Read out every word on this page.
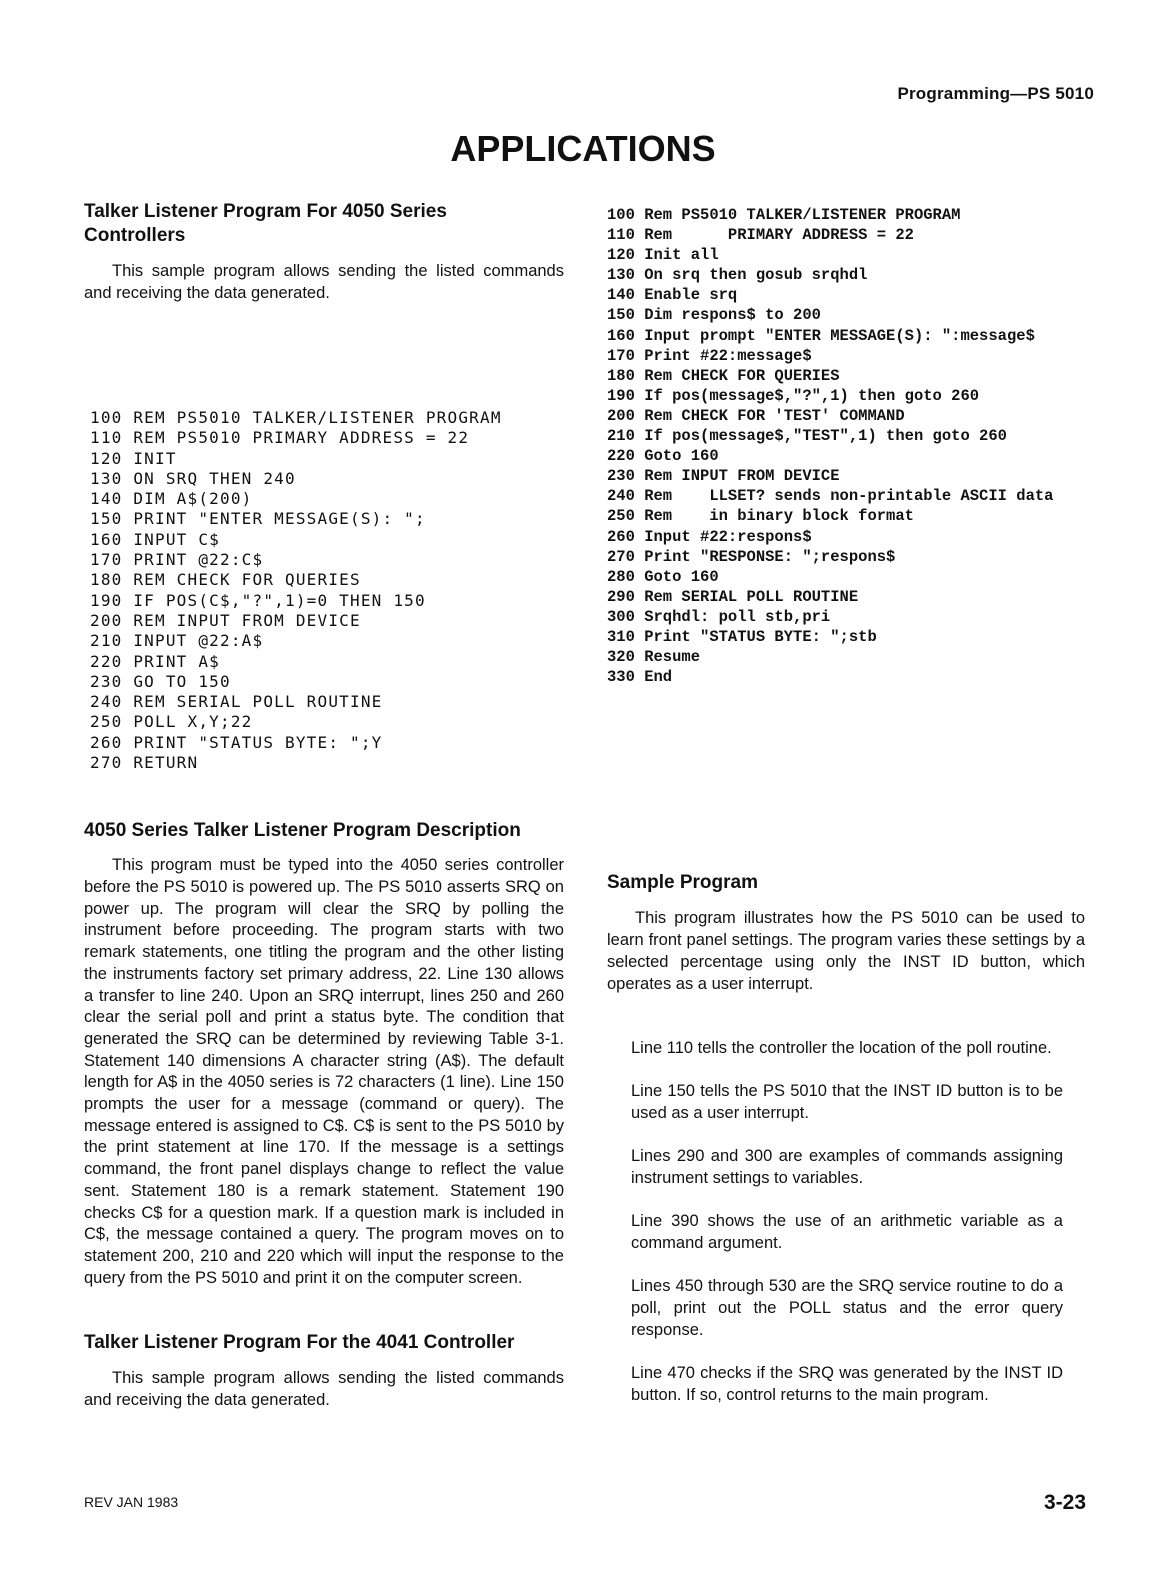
Programming—PS 5010
APPLICATIONS
Talker Listener Program For 4050 Series Controllers

This sample program allows sending the listed commands and receiving the data generated.

100 REM PS5010 TALKER/LISTENER PROGRAM
110 REM PS5010 PRIMARY ADDRESS = 22
120 INIT
130 ON SRQ THEN 240
140 DIM A$(200)
150 PRINT "ENTER MESSAGE(S): ";
160 INPUT C$
170 PRINT @22:C$
180 REM CHECK FOR QUERIES
190 IF POS(C$,"?",1)=0 THEN 150
200 REM INPUT FROM DEVICE
210 INPUT @22:A$
220 PRINT A$
230 GO TO 150
240 REM SERIAL POLL ROUTINE
250 POLL X,Y;22
260 PRINT "STATUS BYTE: ";Y
270 RETURN
4050 Series Talker Listener Program Description

This program must be typed into the 4050 series controller before the PS 5010 is powered up. The PS 5010 asserts SRQ on power up. The program will clear the SRQ by polling the instrument before proceeding. The program starts with two remark statements, one titling the program and the other listing the instruments factory set primary address, 22. Line 130 allows a transfer to line 240. Upon an SRQ interrupt, lines 250 and 260 clear the serial poll and print a status byte. The condition that generated the SRQ can be determined by reviewing Table 3-1. Statement 140 dimensions A character string (A$). The default length for A$ in the 4050 series is 72 characters (1 line). Line 150 prompts the user for a message (command or query). The message entered is assigned to C$. C$ is sent to the PS 5010 by the print statement at line 170. If the message is a settings command, the front panel displays change to reflect the value sent. Statement 180 is a remark statement. Statement 190 checks C$ for a question mark. If a question mark is included in C$, the message contained a query. The program moves on to statement 200, 210 and 220 which will input the response to the query from the PS 5010 and print it on the computer screen.

Talker Listener Program For the 4041 Controller

This sample program allows sending the listed commands and receiving the data generated.

100 Rem PS5010 TALKER/LISTENER PROGRAM
110 Rem      PRIMARY ADDRESS = 22
120 Init all
130 On srq then gosub srqhdl
140 Enable srq
150 Dim respons$ to 200
160 Input prompt "ENTER MESSAGE(S): ":message$
170 Print #22:message$
180 Rem CHECK FOR QUERIES
190 If pos(message$,"?",1) then goto 260
200 Rem CHECK FOR 'TEST' COMMAND
210 If pos(message$,"TEST",1) then goto 260
220 Goto 160
230 Rem INPUT FROM DEVICE
240 Rem    LLSET? sends non-printable ASCII data
250 Rem    in binary block format
260 Input #22:respons$
270 Print "RESPONSE: ";respons$
280 Goto 160
290 Rem SERIAL POLL ROUTINE
300 Srqhdl: poll stb,pri
310 Print "STATUS BYTE: ";stb
320 Resume
330 End
Sample Program

This program illustrates how the PS 5010 can be used to learn front panel settings. The program varies these settings by a selected percentage using only the INST ID button, which operates as a user interrupt.

Line 110 tells the controller the location of the poll routine.

Line 150 tells the PS 5010 that the INST ID button is to be used as a user interrupt.

Lines 290 and 300 are examples of commands assigning instrument settings to variables.

Line 390 shows the use of an arithmetic variable as a command argument.

Lines 450 through 530 are the SRQ service routine to do a poll, print out the POLL status and the error query response.

Line 470 checks if the SRQ was generated by the INST ID button. If so, control returns to the main program.

REV JAN 1983	3-23
